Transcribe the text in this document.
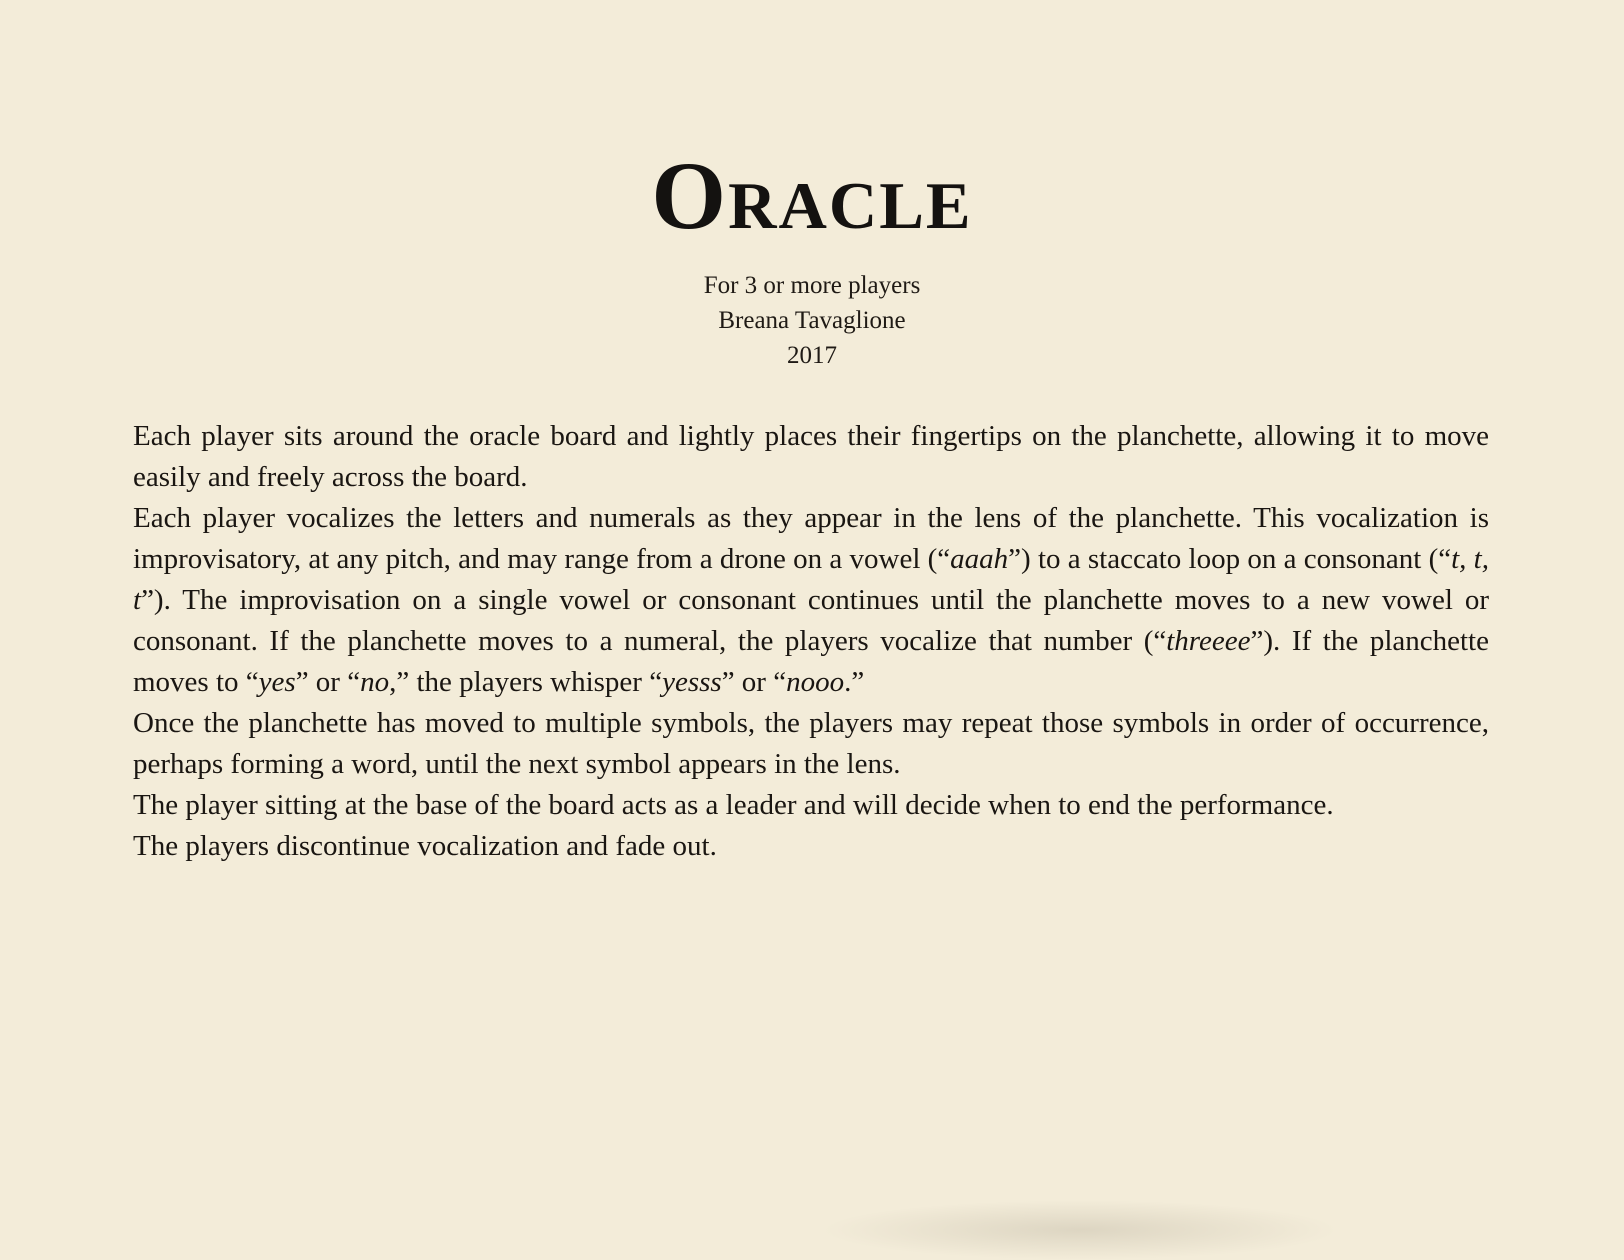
Oracle
For 3 or more players
Breana Tavaglione
2017

Each player sits around the oracle board and lightly places their fingertips on the planchette, allowing it to move easily and freely across the board.

Each player vocalizes the letters and numerals as they appear in the lens of the planchette. This vocalization is improvisatory, at any pitch, and may range from a drone on a vowel (“aaah”) to a staccato loop on a consonant (“t, t, t”). The improvisation on a single vowel or consonant continues until the planchette moves to a new vowel or consonant. If the planchette moves to a numeral, the players vocalize that number (“threeee”). If the planchette moves to “yes” or “no,” the players whisper “yesss” or “nooo.”

Once the planchette has moved to multiple symbols, the players may repeat those symbols in order of occurrence, perhaps forming a word, until the next symbol appears in the lens.

The player sitting at the base of the board acts as a leader and will decide when to end the performance.

The players discontinue vocalization and fade out.
